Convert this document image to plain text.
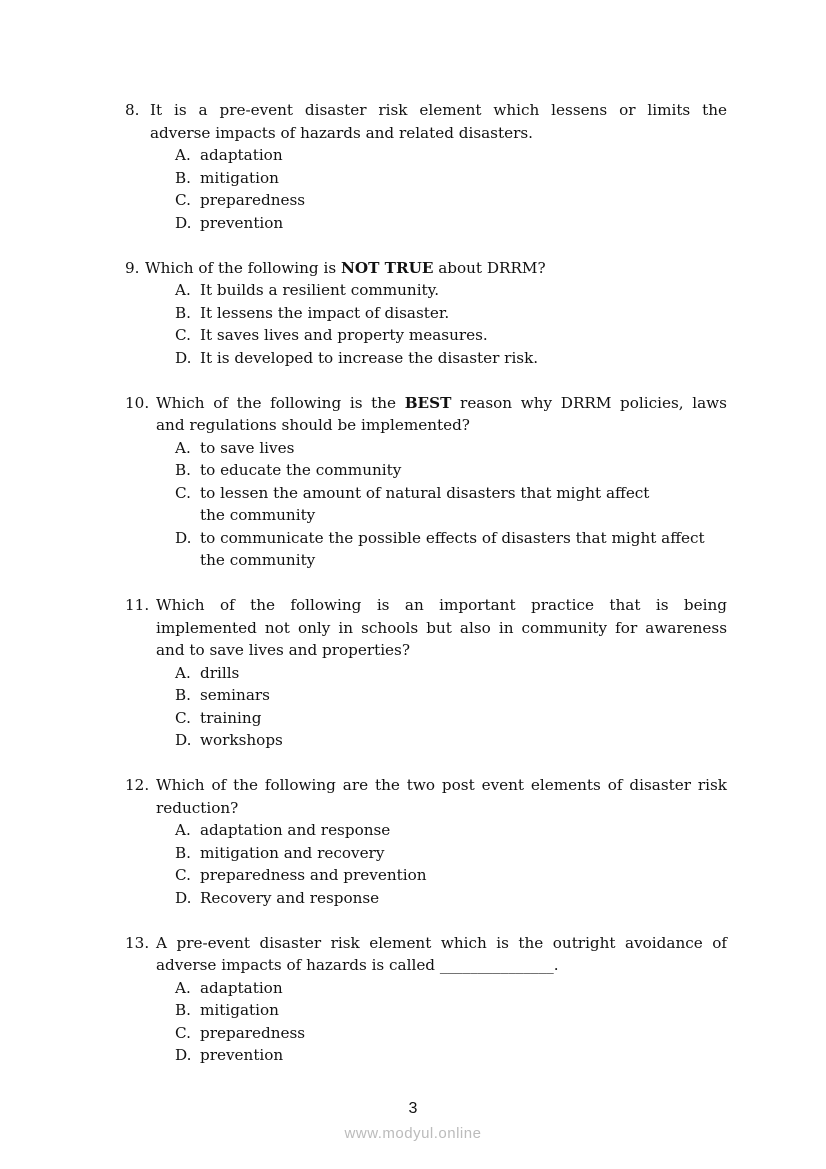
8. It is a pre-event disaster risk element which lessens or limits the
adverse impacts of hazards and related disasters.
A. adaptation
B. mitigation
C. preparedness
D. prevention
9. Which of the following is NOT TRUE about DRRM?
A. It builds a resilient community.
B. It lessens the impact of disaster.
C. It saves lives and property measures.
D. It is developed to increase the disaster risk.
10. Which of the following is the BEST reason why DRRM policies, laws
and regulations should be implemented?
A. to save lives
B. to educate the community
C. to lessen the amount of natural disasters that might affect
the community
D. to communicate the possible effects of disasters that might affect
the community
11. Which of the following is an important practice that is being
implemented not only in schools but also in community for awareness
and to save lives and properties?
A. drills
B. seminars
C. training
D. workshops
12. Which of the following are the two post event elements of disaster risk
reduction?
A. adaptation and response
B. mitigation and recovery
C. preparedness and prevention
D. Recovery and response
13. A pre-event disaster risk element which is the outright avoidance of
adverse impacts of hazards is called _______________.
A. adaptation
B. mitigation
C. preparedness
D. prevention
3
www.modyul.online
